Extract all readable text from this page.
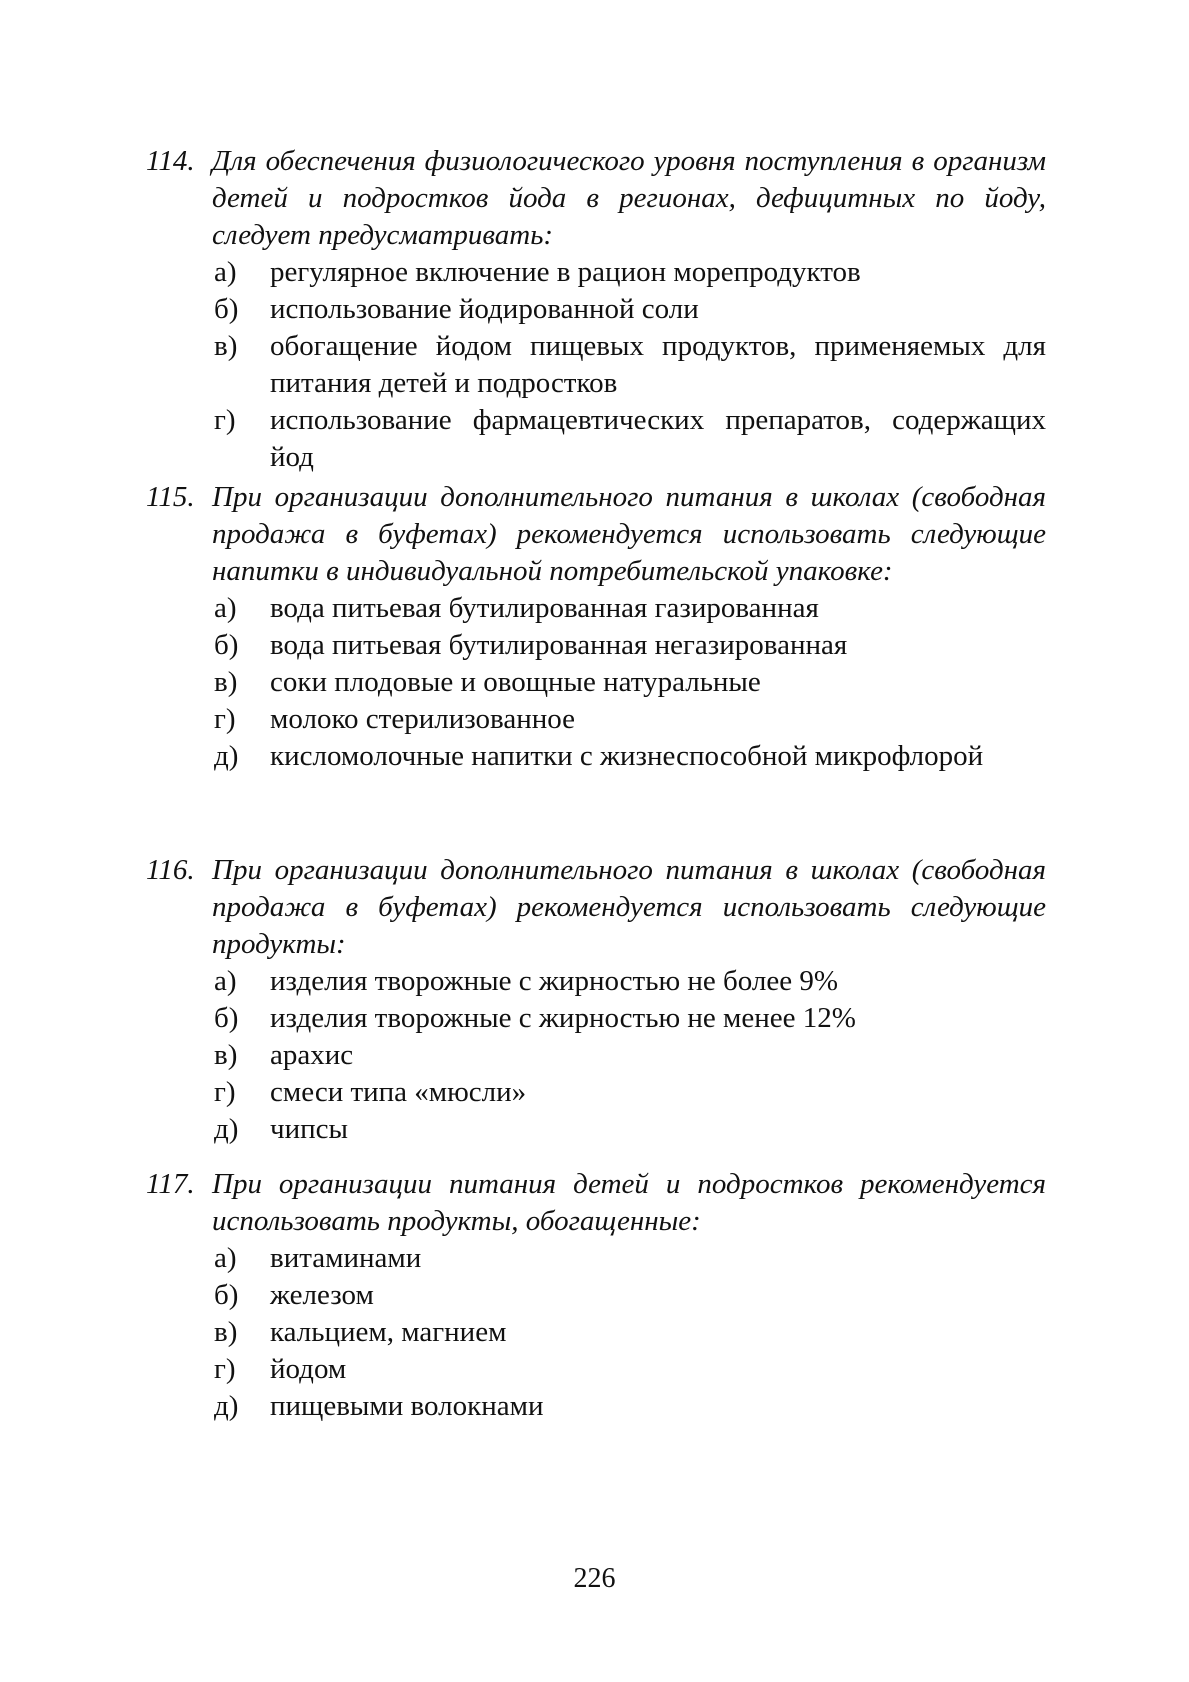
114. Для обеспечения физиологического уровня поступления в организм детей и подростков йода в регионах, дефицитных по йоду, следует предусматривать:
а) регулярное включение в рацион морепродуктов
б) использование йодированной соли
в) обогащение йодом пищевых продуктов, применяемых для питания детей и подростков
г) использование фармацевтических препаратов, содержащих йод
115. При организации дополнительного питания в школах (свободная продажа в буфетах) рекомендуется использовать следующие напитки в индивидуальной потребительской упаковке:
а) вода питьевая бутилированная газированная
б) вода питьевая бутилированная негазированная
в) соки плодовые и овощные натуральные
г) молоко стерилизованное
д) кисломолочные напитки с жизнеспособной микрофлорой
116. При организации дополнительного питания в школах (свободная продажа в буфетах) рекомендуется использовать следующие продукты:
а) изделия творожные с жирностью не более 9%
б) изделия творожные с жирностью не менее 12%
в) арахис
г) смеси типа «мюсли»
д) чипсы
117. При организации питания детей и подростков рекомендуется использовать продукты, обогащенные:
а) витаминами
б) железом
в) кальцием, магнием
г) йодом
д) пищевыми волокнами
226
